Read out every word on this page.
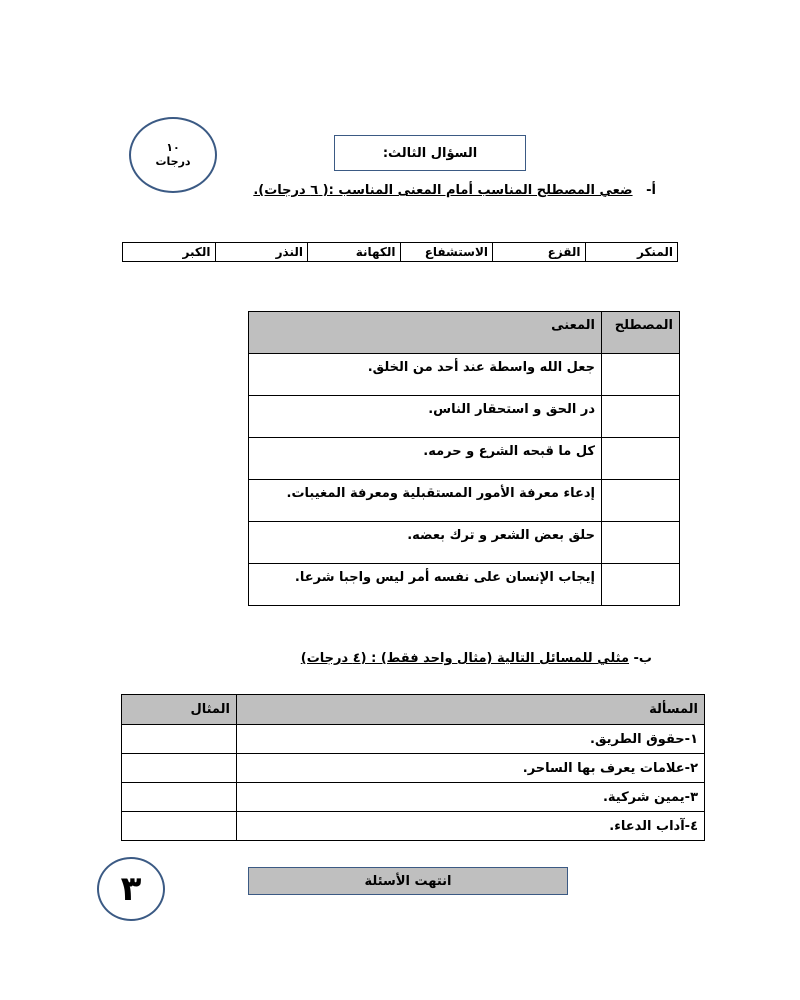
١٠
درجات
السؤال الثالث:
أ-   ضعي المصطلح المناسب أمام المعنى المناسب :( ٦ درجات).
المنكر	القزع	الاستشفاع	الكهانة	النذر	الكبر
المصطلح	المعنى
	جعل الله واسطة عند أحد من الخلق.
	در الحق و استحقار الناس.
	كل ما قبحه الشرع و حرمه.
	إدعاء معرفة الأمور المستقبلية ومعرفة المغيبات.
	حلق بعض الشعر و ترك بعضه.
	إيجاب الإنسان على نفسه أمر ليس واجبا شرعا.
ب- مثلي للمسائل التالية (مثال واحد فقط) : (٤ درجات)
المسألة	المثال
١-حقوق الطريق.	
٢-علامات يعرف بها الساحر.	
٣-يمين شركية.	
٤-آداب الدعاء.	
٣	انتهت الأسئلة
